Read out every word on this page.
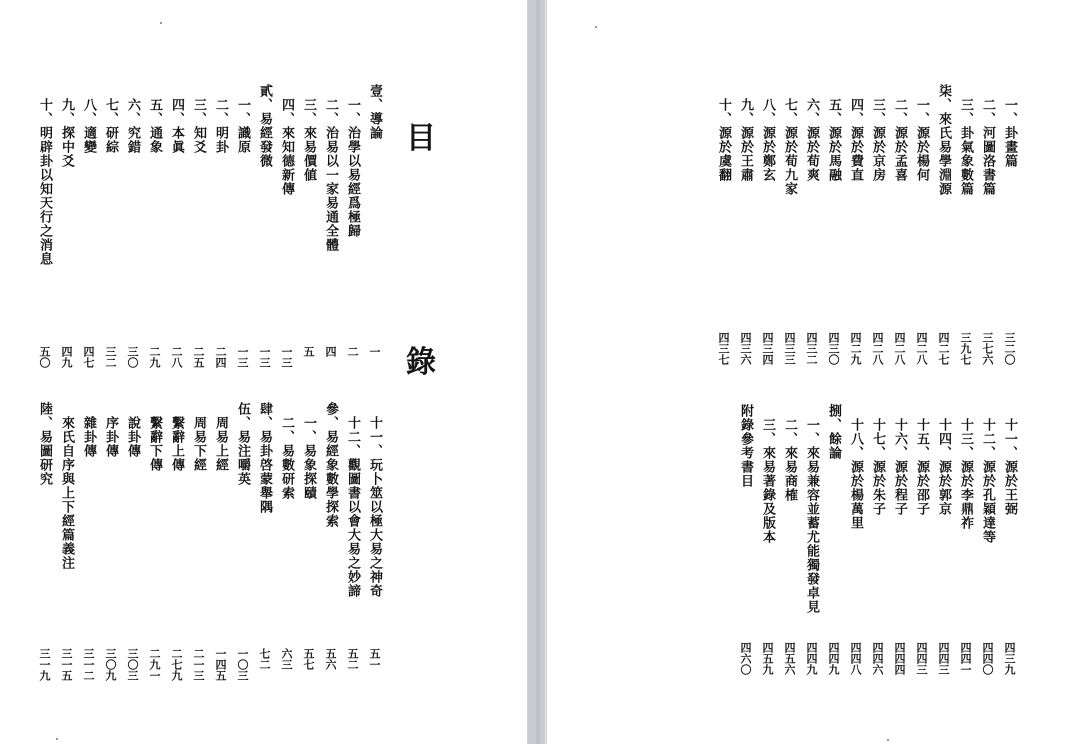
目
錄
壹、導論
一
一、治學以易經爲極歸
二
二、治易以一家易通全體
四
三、來易價値
五
四、來知德新傳
一三
貳、易經發微
一三
一、識原
一三
二、明卦
二四
三、知爻
二五
四、本眞
二八
五、通象
二九
六、究錯
三〇
七、研綜
三二
八、適變
四七
九、探中爻
四九
十、明辟卦以知天行之消息
五〇
十一、玩卜筮以極大易之神奇
五一
十二、觀圖書以會大易之妙諦
五二
參、易經象數學探索
五六
一、易象探賾
五七
二、易數研索
六三
肆、易卦啓蒙舉隅
七二
伍、易注嚼英
一〇三
周易上經
一四五
周易下經
二一三
繫辭上傳
二七九
繫辭下傳
二九一
說卦傳
三〇三
序卦傳
三〇九
雜卦傳
三一二
來氏自序與上下經篇義注
三一五
陸、易圖研究
三一九
一、卦畫篇
三二〇
二、河圖洛書篇
三七六
三、卦氣象數篇
三九七
柒、來氏易學淵源
四二七
一、源於楊何
四二八
二、源於孟喜
四二八
三、源於京房
四二八
四、源於費直
四二九
五、源於馬融
四三〇
六、源於荀爽
四三二
七、源於荀九家
四三三
八、源於鄭玄
四三四
九、源於王肅
四三六
十、源於虞翻
四三七
十一、源於王弼
四三九
十二、源於孔穎達等
四四〇
十三、源於李鼎祚
四四一
十四、源於郭京
四四三
十五、源於邵子
四四三
十六、源於程子
四四四
十七、源於朱子
四四六
十八、源於楊萬里
四四八
捌、餘論
四四九
一、來易兼容並蓄尤能獨發卓見
四四九
二、來易商榷
四五六
三、來易著錄及版本
四五九
附錄參考書目
四六〇
